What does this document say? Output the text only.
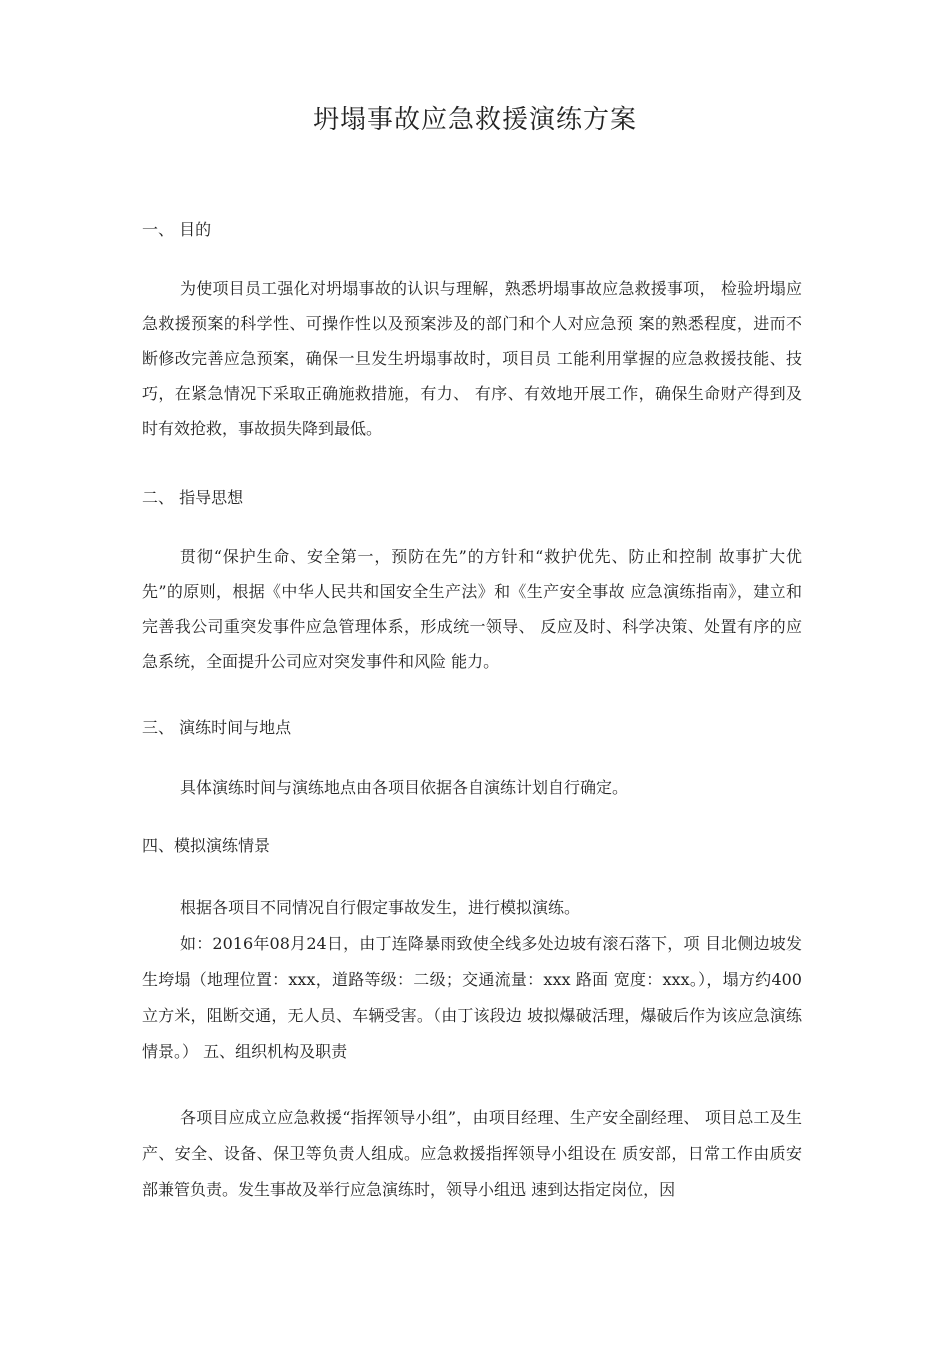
坍塌事故应急救援演练方案
一、 目的
为使项目员工强化对坍塌事故的认识与理解，熟悉坍塌事故应急救援事项， 检验坍塌应急救援预案的科学性、可操作性以及预案涉及的部门和个人对应急预 案的熟悉程度，进而不断修改完善应急预案，确保一旦发生坍塌事故时，项目员 工能利用掌握的应急救援技能、技巧，在紧急情况下采取正确施救措施，有力、 有序、有效地开展工作，确保生命财产得到及时有效抢救，事故损失降到最低。
二、 指导思想
贯彻“保护生命、安全第一，预防在先”的方针和“救护优先、防止和控制 故事扩大优先”的原则，根据《中华人民共和国安全生产法》和《生产安全事故 应急演练指南》，建立和完善我公司重突发事件应急管理体系，形成统一领导、 反应及时、科学决策、处置有序的应急系统，全面提升公司应对突发事件和风险 能力。
三、 演练时间与地点
具体演练时间与演练地点由各项目依据各自演练计划自行确定。
四、模拟演练情景
根据各项目不同情况自行假定事故发生，进行模拟演练。
如：2016年08月24日，由丁连降暴雨致使全线多处边坡有滚石落下，项 目北侧边坡发生垮塌（地理位置：xxx，道路等级：二级；交通流量：xxx 路面 宽度：xxx。），塌方约400立方米，阻断交通，无人员、车辆受害。（由丁该段边 坡拟爆破活理，爆破后作为该应急演练情景。） 五、组织机构及职责
各项目应成立应急救援“指挥领导小组”，由项目经理、生产安全副经理、 项目总工及生产、安全、设备、保卫等负责人组成。应急救援指挥领导小组设在 质安部，日常工作由质安部兼管负责。发生事故及举行应急演练时，领导小组迅 速到达指定岗位，因
